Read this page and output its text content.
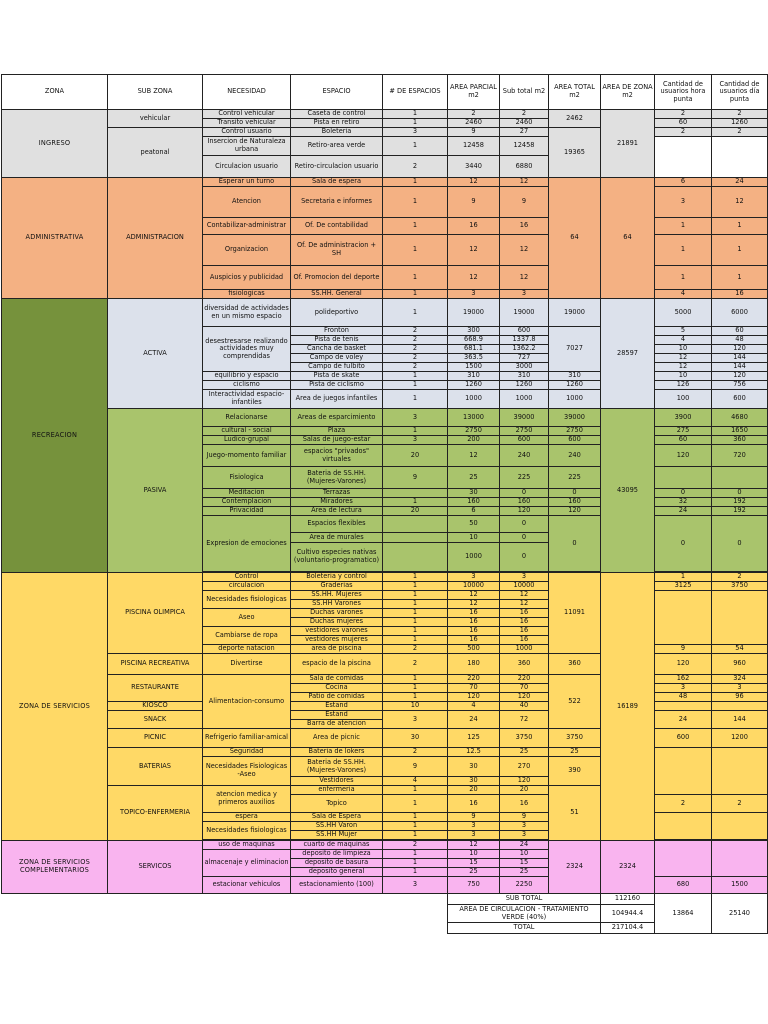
ZONA	SUB ZONA	NECESIDAD	ESPACIO	# DE ESPACIOS	AREA PARCIAL m2	Sub total m2	AREA TOTAL m2	AREA DE ZONA m2	Cantidad de usuarios hora punta	Cantidad de usuarios día punta	
INGRESO	vehicular	Control vehicular	Caseta de control	1	2	2	2462	21891	2	2	
		Transito vehicular	Pista en retiro	1	2460	2460			60	1260	
	peatonal	Control usuario	Boleteria	3	9	27	19365		2	2	
		Insercion de Naturaleza urbana	Retiro-area verde	1	12458	12458					
		Circulacion usuario	Retiro-circulacion usuario	2	3440	6880					
ADMINISTRATIVA	ADMINISTRACION	Esperar un turno	Sala de espera	1	12	12	64	64	6	24	
		Atencion	Secretaria e informes	1	9	9			3	12	
		Contabilizar-administrar	Of. De contabilidad	1	16	16			1	1	
		Organizacion	Of. De administracion + SH	1	12	12			1	1	
		Auspicios y publicidad	Of. Promocion del deporte	1	12	12			1	1	
		fisiologicas	SS.HH. General	1	3	3			4	16	
RECREACION	ACTIVA	diversidad de actividades en un mismo espacio	polideportivo	1	19000	19000	19000	28597	5000	6000	
		desestresarse realizando actividades muy comprendidas	Fronton	2	300	600	7027		5	60	
			Pista de tenis	2	668.9	1337.8			4	48	
			Cancha de basket	2	681.1	1362.2			10	120	
			Campo de voley	2	363.5	727			12	144	
			Campo de fulbito	2	1500	3000			12	144	
		equilibrio y espacio	Pista de skate	1	310	310	310		10	120	
		ciclismo	Pista de ciclismo	1	1260	1260	1260		126	756	
		Interactividad espacio-infantiles	Area de juegos infantiles	1	1000	1000	1000		100	600	
	PASIVA	Relacionarse	Areas de esparcimiento	3	13000	39000	39000	43095	3900	4680	
		cultural - social	Plaza	1	2750	2750	2750		275	1650	
		Ludico-grupal	Salas de juego-estar	3	200	600	600		60	360	
		Juego-momento familiar	espacios "privados" virtuales	20	12	240	240		120	720	
		Fisiologica	Bateria de SS.HH. (Mujeres-Varones)	9	25	225	225				
		Meditacion	Terrazas		30	0	0		0	0	
		Contemplacion	Miradores	1	160	160	160		32	192	
		Privacidad	Area de lectura	20	6	120	120		24	192	
		Expresion de emociones	Espacios flexibles		50	0	0		0	0	
			Area de murales		10	0					
			Cultivo especies nativas (voluntario-programatico)		1000	0					

ZONA DE SERVICIOS	PISCINA OLIMPICA	Control	Boleteria y control	1	3	3	11091	16189	1	2	
		circulacion	Graderias	1	10000	10000			3125	3750	
		Necesidades fisiologicas	SS.HH. Mujeres	1	12	12					
			SS.HH Varones	1	12	12					
		Aseo	Duchas varones	1	16	16					
			Duchas mujeres	1	16	16					
		Cambiarse de ropa	vestidores varones	1	16	16					
			vestidores mujeres	1	16	16					
		deporte natacion	area de piscina	2	500	1000			9	54	
	PISCINA RECREATIVA	Divertirse	espacio de la piscina	2	180	360	360		120	960	
	RESTAURANTE	Alimentacion-consumo	Sala de comidas	1	220	220	522		162	324	
			Cocina	1	70	70			3	3	
			Patio de comidas	1	120	120			48	96	
	KIOSCO		Estand	10	4	40					
	SNACK		Estand	3	24	72			24	144	
			Barra de atencion								
	PICNIC	Refrigerio familiar-amical	Area de picnic	30	125	3750	3750		600	1200	
	BATERIAS	Seguridad	Bateria de lokers	2	12.5	25	25				
		Necesidades Fisiologicas -Aseo	Bateria de SS.HH. (Mujeres-Varones)	9	30	270	390				
			Vestidores	4	30	120					
	TOPICO-ENFERMERIA	atencion medica y primeros auxilios	enfermeria	1	20	20	51				
			Topico	1	16	16			2	2	
		espera	Sala de Espera	1	9	9					
		Necesidades fisiologicas	SS.HH Varon	1	3	3					
			SS.HH Mujer	1	3	3					

ZONA DE SERVICIOS COMPLEMENTARIOS	SERVICOS	uso de maquinas	cuarto de maquinas	2	12	24	2324	2324			
		almacenaje y eliminacion	deposito de limpieza	1	10	10					
			deposito de basura	1	15	15					
			deposito general	1	25	25					
		estacionar vehiculos	estacionamiento (100)	3	750	2250			680	1500	
					SUB TOTAL			112160	13864	25140	
					AREA DE CIRCULACION - TRATAMIENTO VERDE (40%)			104944.4			
					TOTAL			217104.4			
